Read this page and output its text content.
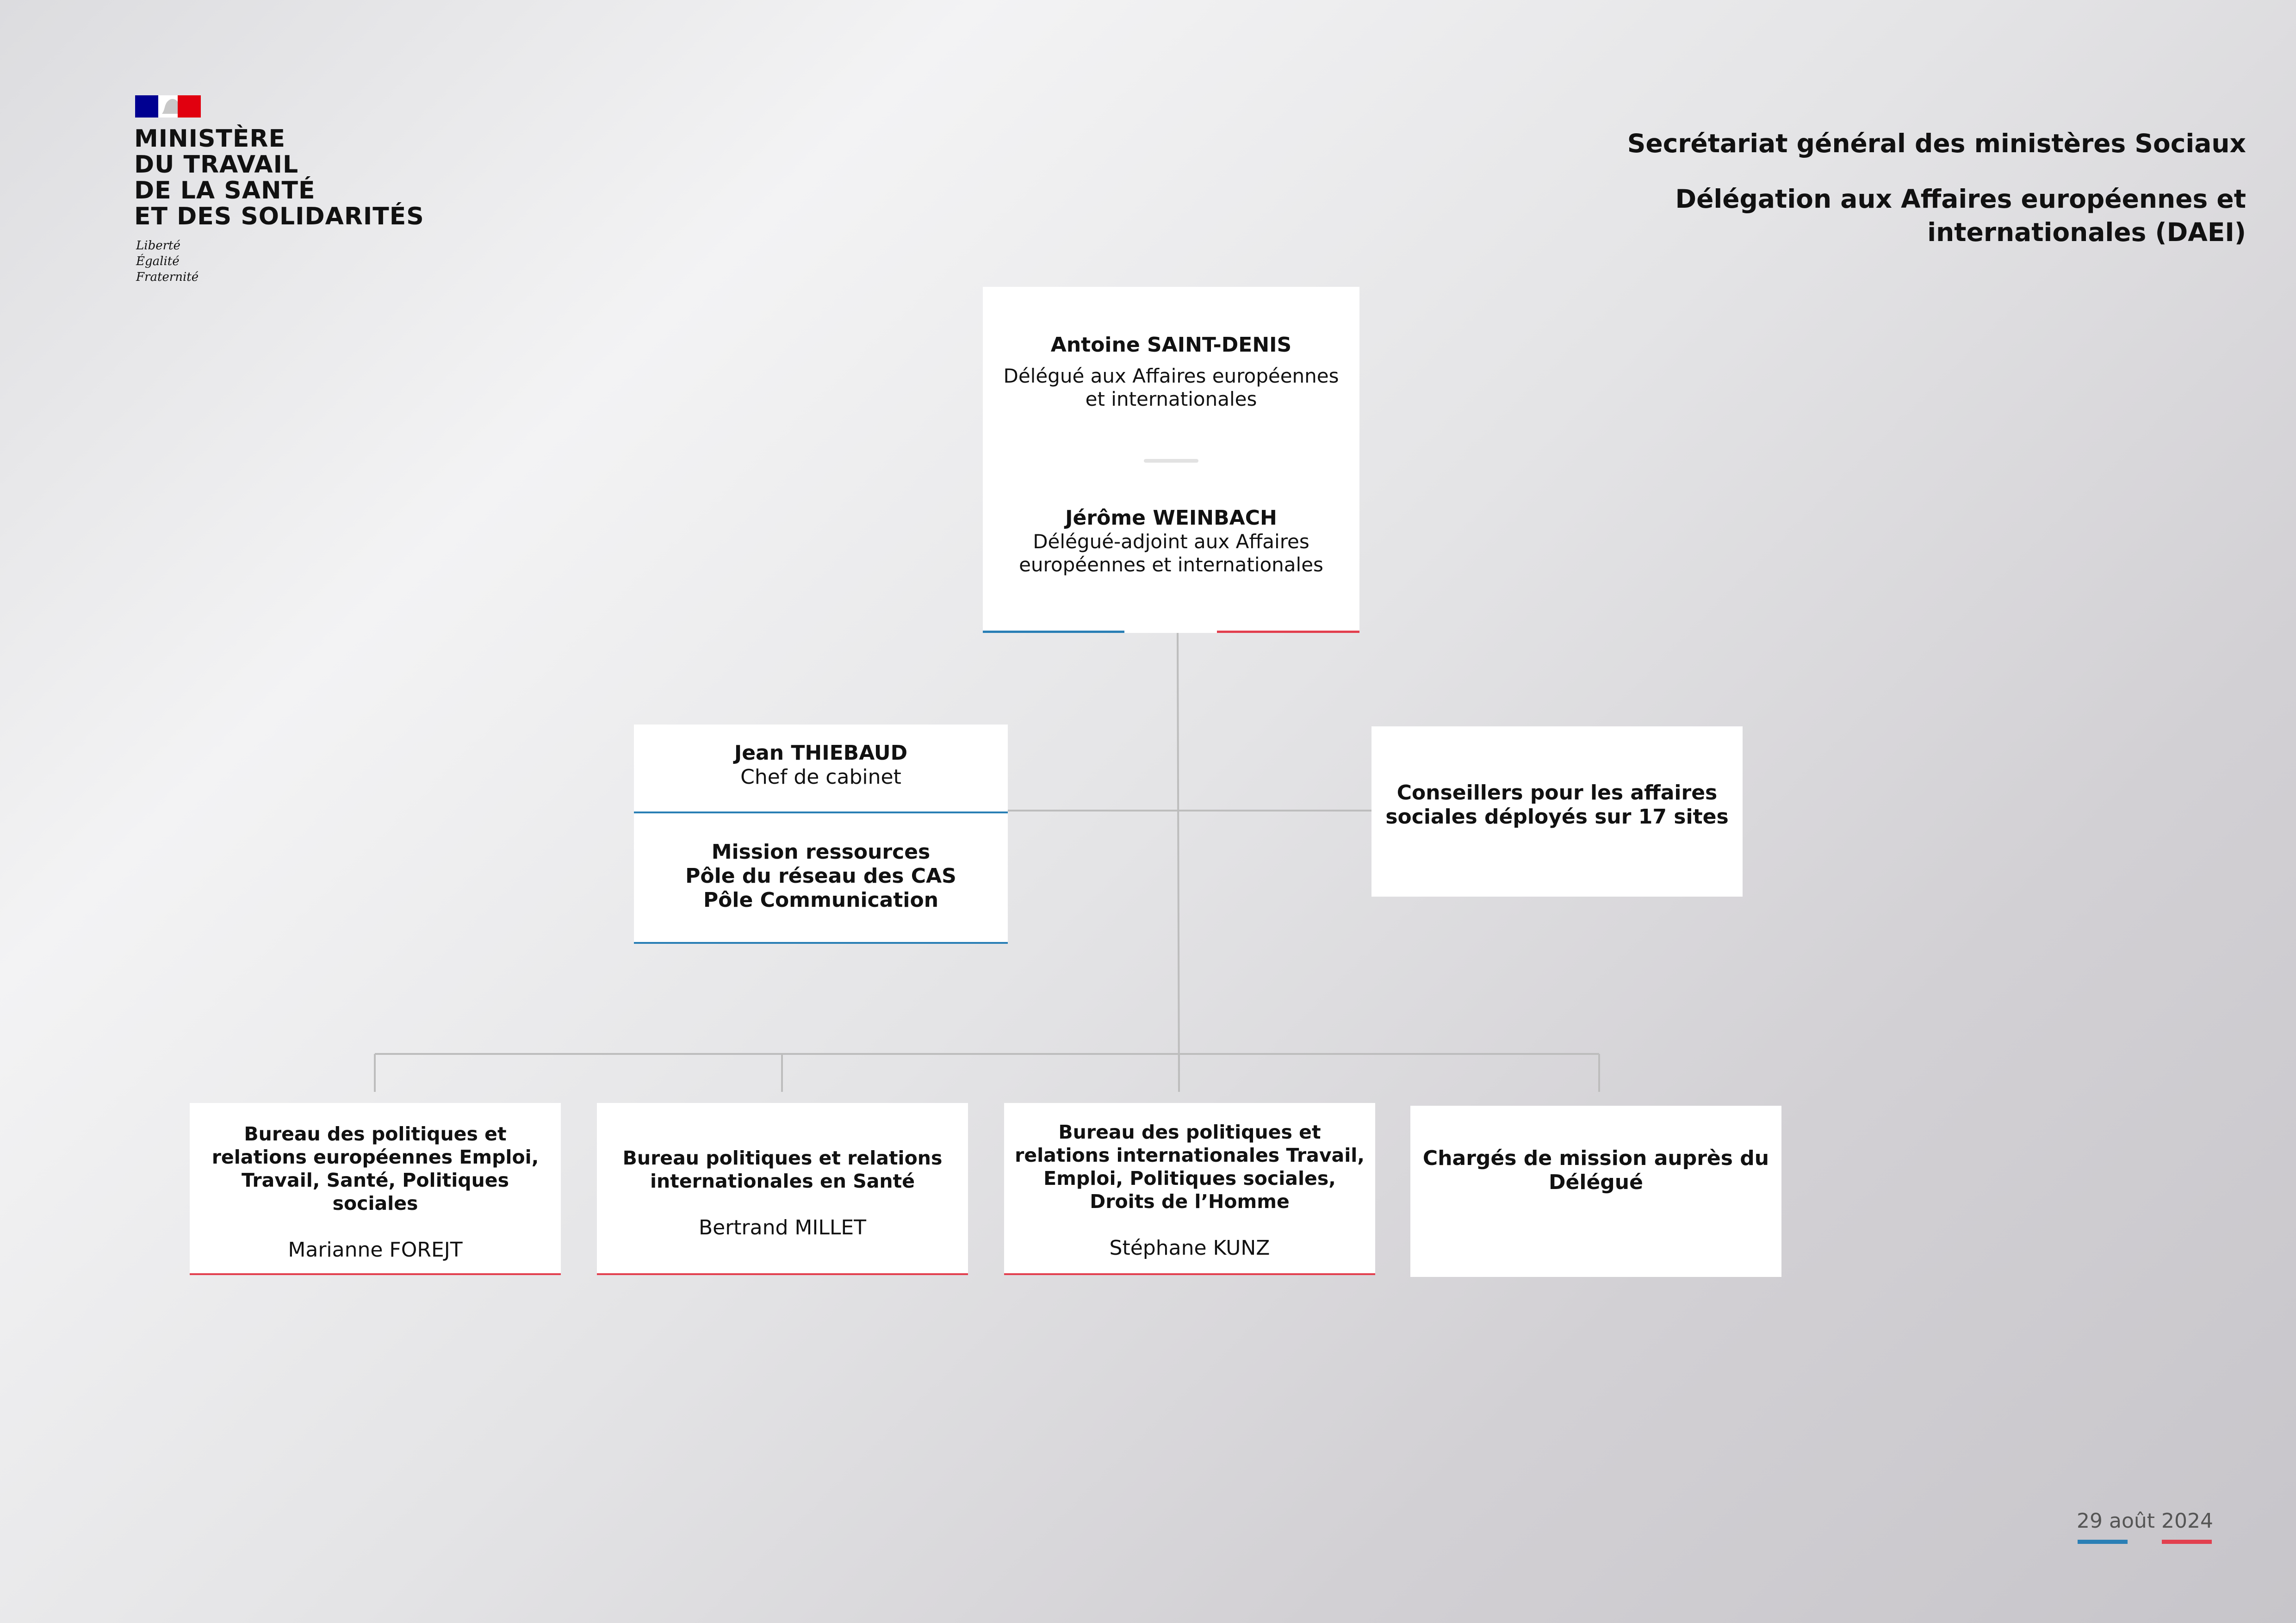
MINISTÈRE
DU TRAVAIL
DE LA SANTÉ
ET DES SOLIDARITÉS
Liberté
Égalité
Fraternité
Secrétariat général des ministères Sociaux
Délégation aux Affaires européennes et
internationales (DAEI)
Antoine SAINT-DENIS
Délégué aux Affaires européennes et internationales
Jérôme WEINBACH
Délégué-adjoint aux Affaires européennes et internationales
Jean THIEBAUD
Chef de cabinet
Mission ressources
Pôle du réseau des CAS
Pôle Communication
Conseillers pour les affaires
sociales déployés sur 17 sites
Bureau des politiques et
relations européennes Emploi,
Travail, Santé, Politiques
sociales
Marianne FOREJT
Bureau politiques et relations
internationales en Santé
Bertrand MILLET
Bureau des politiques et
relations internationales Travail,
Emploi, Politiques sociales,
Droits de l’Homme
Stéphane KUNZ
Chargés de mission auprès du
Délégué
29 août 2024
